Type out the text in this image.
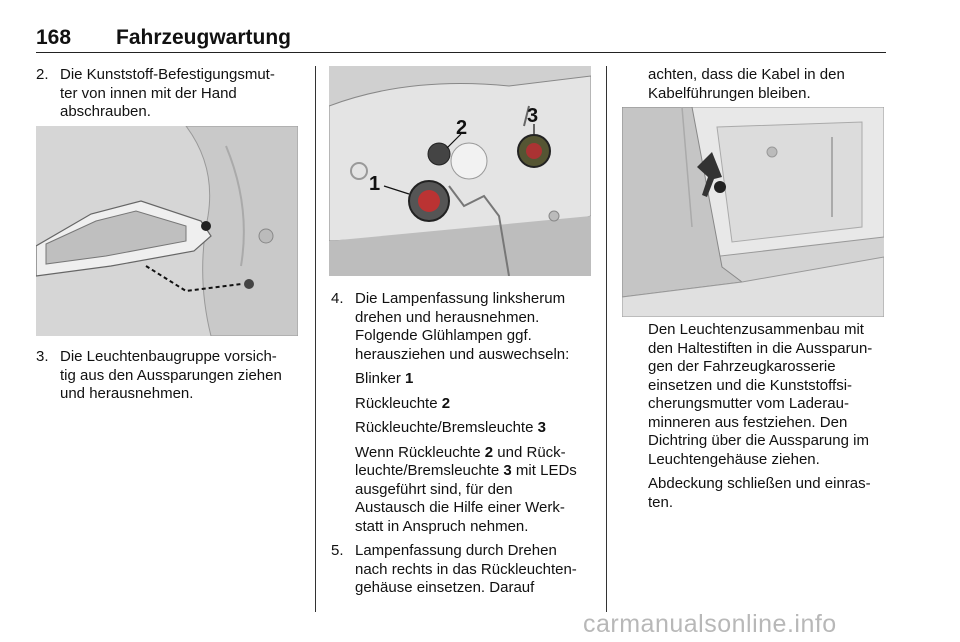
168 Fahrzeugwartung
2. Die Kunststoff-Befestigungsmut-
ter von innen mit der Hand
abschrauben.
3. Die Leuchtenbaugruppe vorsich-
tig aus den Aussparungen ziehen
und herausnehmen.
1
2
3
4. Die Lampenfassung linksherum
drehen und herausnehmen.
Folgende Glühlampen ggf.
herausziehen und auswechseln:
Blinker 1
Rückleuchte 2
Rückleuchte/Bremsleuchte 3
Wenn Rückleuchte 2 und Rück-
leuchte/Bremsleuchte 3 mit LEDs
ausgeführt sind, für den
Austausch die Hilfe einer Werk-
statt in Anspruch nehmen.
5. Lampenfassung durch Drehen
nach rechts in das Rückleuchten-
gehäuse einsetzen. Darauf
achten, dass die Kabel in den
Kabelführungen bleiben.
Den Leuchtenzusammenbau mit
den Haltestiften in die Aussparun-
gen der Fahrzeugkarosserie
einsetzen und die Kunststoffsi-
cherungsmutter vom Laderau-
minneren aus festziehen. Den
Dichtring über die Aussparung im
Leuchtengehäuse ziehen.
Abdeckung schließen und einras-
ten.
carmanualsonline.info
